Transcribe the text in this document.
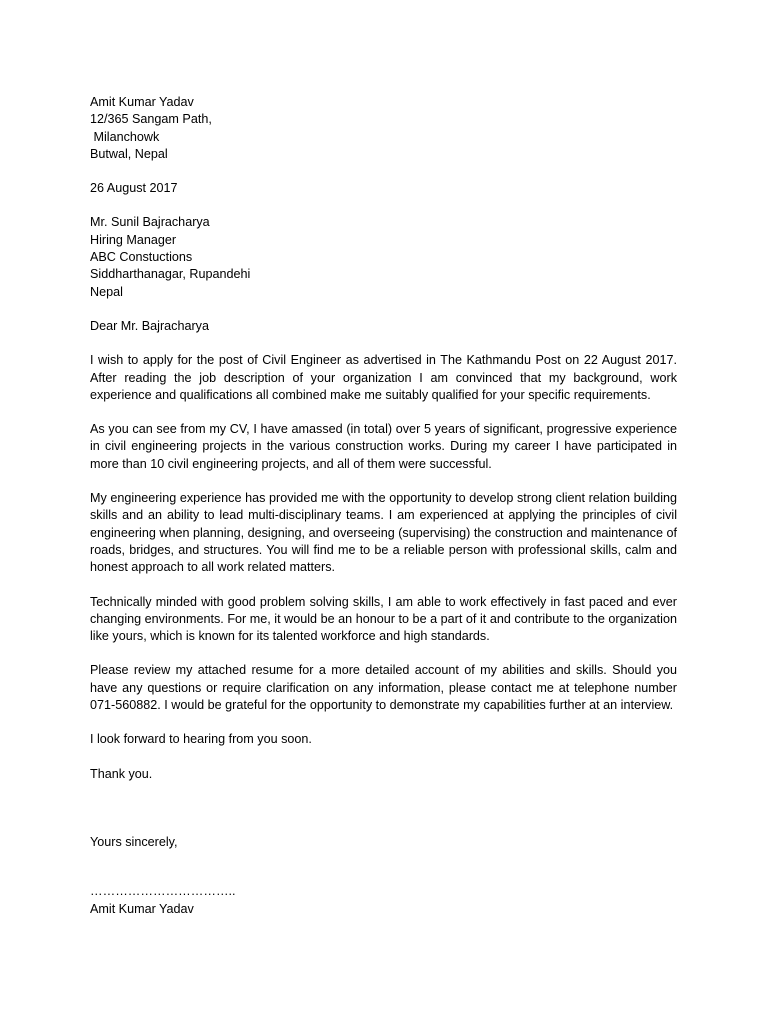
Amit Kumar Yadav
12/365 Sangam Path,
Milanchowk
Butwal, Nepal
26 August 2017
Mr. Sunil Bajracharya
Hiring Manager
ABC Constuctions
Siddharthanagar, Rupandehi
Nepal
Dear Mr. Bajracharya

I wish to apply for the post of Civil Engineer as advertised in The Kathmandu Post on 22 August 2017. After reading the job description of your organization I am convinced that my background, work experience and qualifications all combined make me suitably qualified for your specific requirements.

As you can see from my CV, I have amassed (in total) over 5 years of significant, progressive experience in civil engineering projects in the various construction works. During my career I have participated in more than 10 civil engineering projects, and all of them were successful.

My engineering experience has provided me with the opportunity to develop strong client relation building skills and an ability to lead multi-disciplinary teams. I am experienced at applying the principles of civil engineering when planning, designing, and overseeing (supervising) the construction and maintenance of roads, bridges, and structures. You will find me to be a reliable person with professional skills, calm and honest approach to all work related matters.

Technically minded with good problem solving skills, I am able to work effectively in fast paced and ever changing environments. For me, it would be an honour to be a part of it and contribute to the organization like yours, which is known for its talented workforce and high standards.

Please review my attached resume for a more detailed account of my abilities and skills. Should you have any questions or require clarification on any information, please contact me at telephone number 071-560882. I would be grateful for the opportunity to demonstrate my capabilities further at an interview.

I look forward to hearing from you soon.

Thank you.
Yours sincerely,
……………………………..
Amit Kumar Yadav
